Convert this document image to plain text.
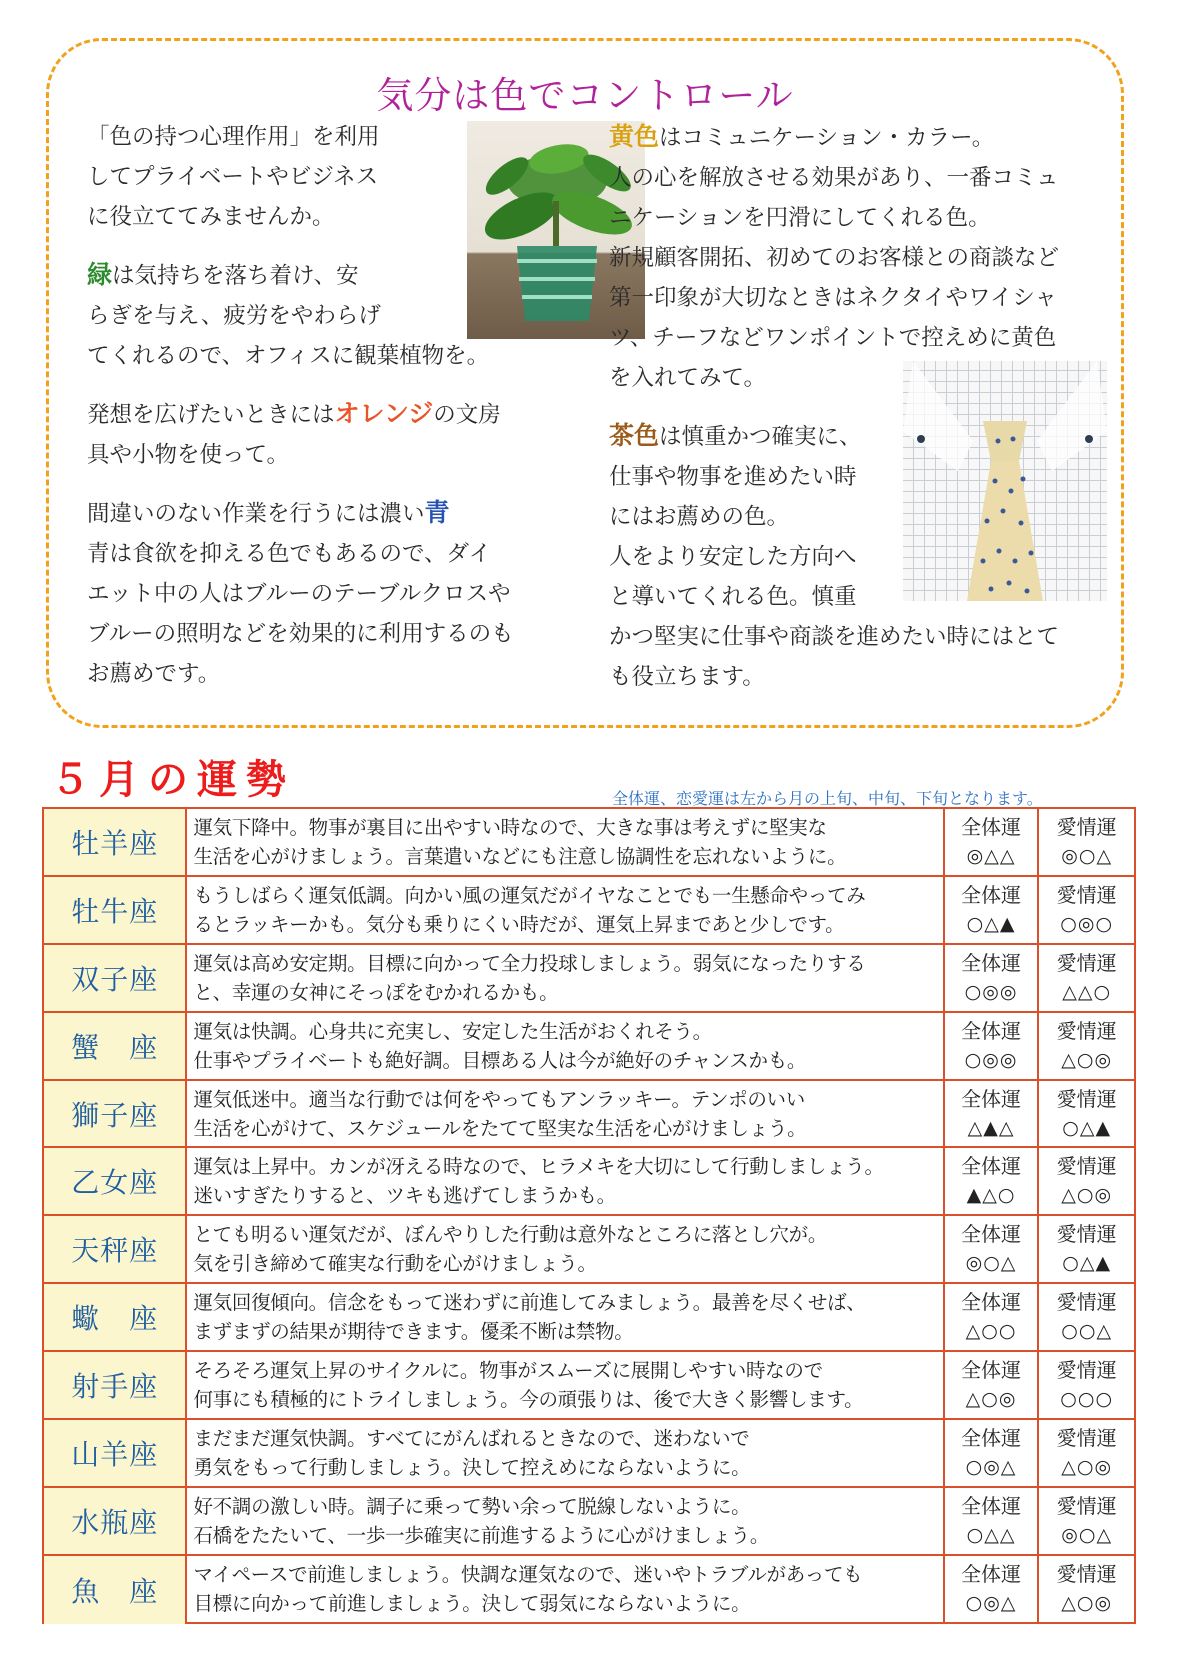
気分は色でコントロール

「色の持つ心理作用」を利用

してプライベートやビジネス

に役立ててみませんか。

緑は気持ちを落ち着け、安

らぎを与え、疲労をやわらげ

てくれるので、オフィスに観葉植物を。

発想を広げたいときにはオレンジの文房

具や小物を使って。

間違いのない作業を行うには濃い青

青は食欲を抑える色でもあるので、ダイ

エット中の人はブルーのテーブルクロスや

ブルーの照明などを効果的に利用するのも

お薦めです。

黄色はコミュニケーション・カラー。

人の心を解放させる効果があり、一番コミュ

ニケーションを円滑にしてくれる色。

新規顧客開拓、初めてのお客様との商談など

第一印象が大切なときはネクタイやワイシャ

ツ、チーフなどワンポイントで控えめに黄色

を入れてみて。

茶色は慎重かつ確実に、

仕事や物事を進めたい時

にはお薦めの色。

人をより安定した方向へ

と導いてくれる色。慎重

かつ堅実に仕事や商談を進めたい時にはとて

も役立ちます。

５月の運勢	全体運、恋愛運は左から月の上旬、中旬、下旬となります。
牡羊座	運気下降中。物事が裏目に出やすい時なので、大きな事は考えずに堅実な
生活を心がけましょう。言葉遣いなどにも注意し協調性を忘れないように。
全体運
◎△△
愛情運
◎○△
牡牛座	もうしばらく運気低調。向かい風の運気だがイヤなことでも一生懸命やってみ
るとラッキーかも。気分も乗りにくい時だが、運気上昇まであと少しです。
全体運
○△▲
愛情運
○◎○
双子座	運気は高め安定期。目標に向かって全力投球しましょう。弱気になったりする
と、幸運の女神にそっぽをむかれるかも。
全体運
○◎◎
愛情運
△△○
蟹　座	運気は快調。心身共に充実し、安定した生活がおくれそう。
仕事やプライベートも絶好調。目標ある人は今が絶好のチャンスかも。
全体運
○◎◎
愛情運
△○◎
獅子座	運気低迷中。適当な行動では何をやってもアンラッキー。テンポのいい
生活を心がけて、スケジュールをたてて堅実な生活を心がけましょう。
全体運
△▲△
愛情運
○△▲
乙女座	運気は上昇中。カンが冴える時なので、ヒラメキを大切にして行動しましょう。
迷いすぎたりすると、ツキも逃げてしまうかも。
全体運
▲△○
愛情運
△○◎
天秤座	とても明るい運気だが、ぼんやりした行動は意外なところに落とし穴が。
気を引き締めて確実な行動を心がけましょう。
全体運
◎○△
愛情運
○△▲
蠍　座	運気回復傾向。信念をもって迷わずに前進してみましょう。最善を尽くせば、
まずまずの結果が期待できます。優柔不断は禁物。
全体運
△○○
愛情運
○○△
射手座	そろそろ運気上昇のサイクルに。物事がスムーズに展開しやすい時なので
何事にも積極的にトライしましょう。今の頑張りは、後で大きく影響します。
全体運
△○◎
愛情運
○○○
山羊座	まだまだ運気快調。すべてにがんばれるときなので、迷わないで
勇気をもって行動しましょう。決して控えめにならないように。
全体運
○◎△
愛情運
△○◎
水瓶座	好不調の激しい時。調子に乗って勢い余って脱線しないように。
石橋をたたいて、一歩一歩確実に前進するように心がけましょう。
全体運
○△△
愛情運
◎○△
魚　座
マイペースで前進しましょう。快調な運気なので、迷いやトラブルがあっても
目標に向かって前進しましょう。決して弱気にならないように。
全体運
○◎△
愛情運
△○◎
